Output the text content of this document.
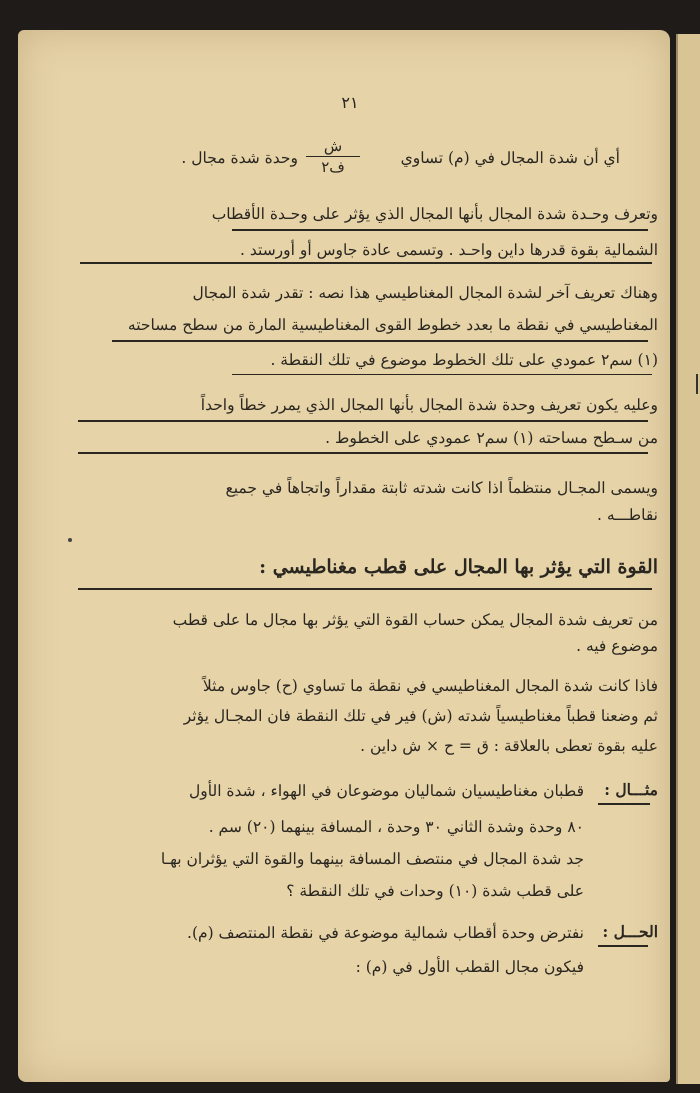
٢١
أي أن شدة المجال في (م) تساوي
ش
ف٢
وحدة شدة مجال .
وتعرف وحـدة شدة المجال بأنها المجال الذي يؤثر على وحـدة الأقطاب
الشمالية بقوة قدرها داين واحـد . وتسمى عادة جاوس أو أورستد .
وهناك تعريف آخر لشدة المجال المغناطيسي هذا نصه : تقدر شدة المجال
المغناطيسي في نقطة ما بعدد خطوط القوى المغناطيسية المارة من سطح مساحته
(١) سم٢ عمودي على تلك الخطوط موضوع في تلك النقطة .
وعليه يكون تعريف وحدة شدة المجال بأنها المجال الذي يمرر خطاً واحداً
من سـطح مساحته (١) سم٢ عمودي على الخطوط .
ويسمى المجـال منتظماً اذا كانت شدته ثابتة مقداراً واتجاهاً في جميع
نقاطـــه .
القوة التي يؤثر بها المجال على قطب مغناطيسي :
من تعريف شدة المجال يمكن حساب القوة التي يؤثر بها مجال ما على قطب
موضوع فيه .
فاذا كانت شدة المجال المغناطيسي في نقطة ما تساوي (ح) جاوس مثلاً
ثم وضعنا قطباً مغناطيسياً شدته (ش) فير في تلك النقطة فان المجـال يؤثر
عليه بقوة تعطى بالعلاقة : ق = ح × ش داين .
مثـــال :
قطبان مغناطيسيان شماليان موضوعان في الهواء ، شدة الأول
٨٠ وحدة وشدة الثاني ٣٠ وحدة ، المسافة بينهما (٢٠) سم .
جد شدة المجال في منتصف المسافة بينهما والقوة التي يؤثران بهـا
على قطب شدة (١٠) وحدات في تلك النقطة ؟
الحـــل :
نفترض وحدة أقطاب شمالية موضوعة في نقطة المنتصف (م).
فيكون مجال القطب الأول في (م) :
